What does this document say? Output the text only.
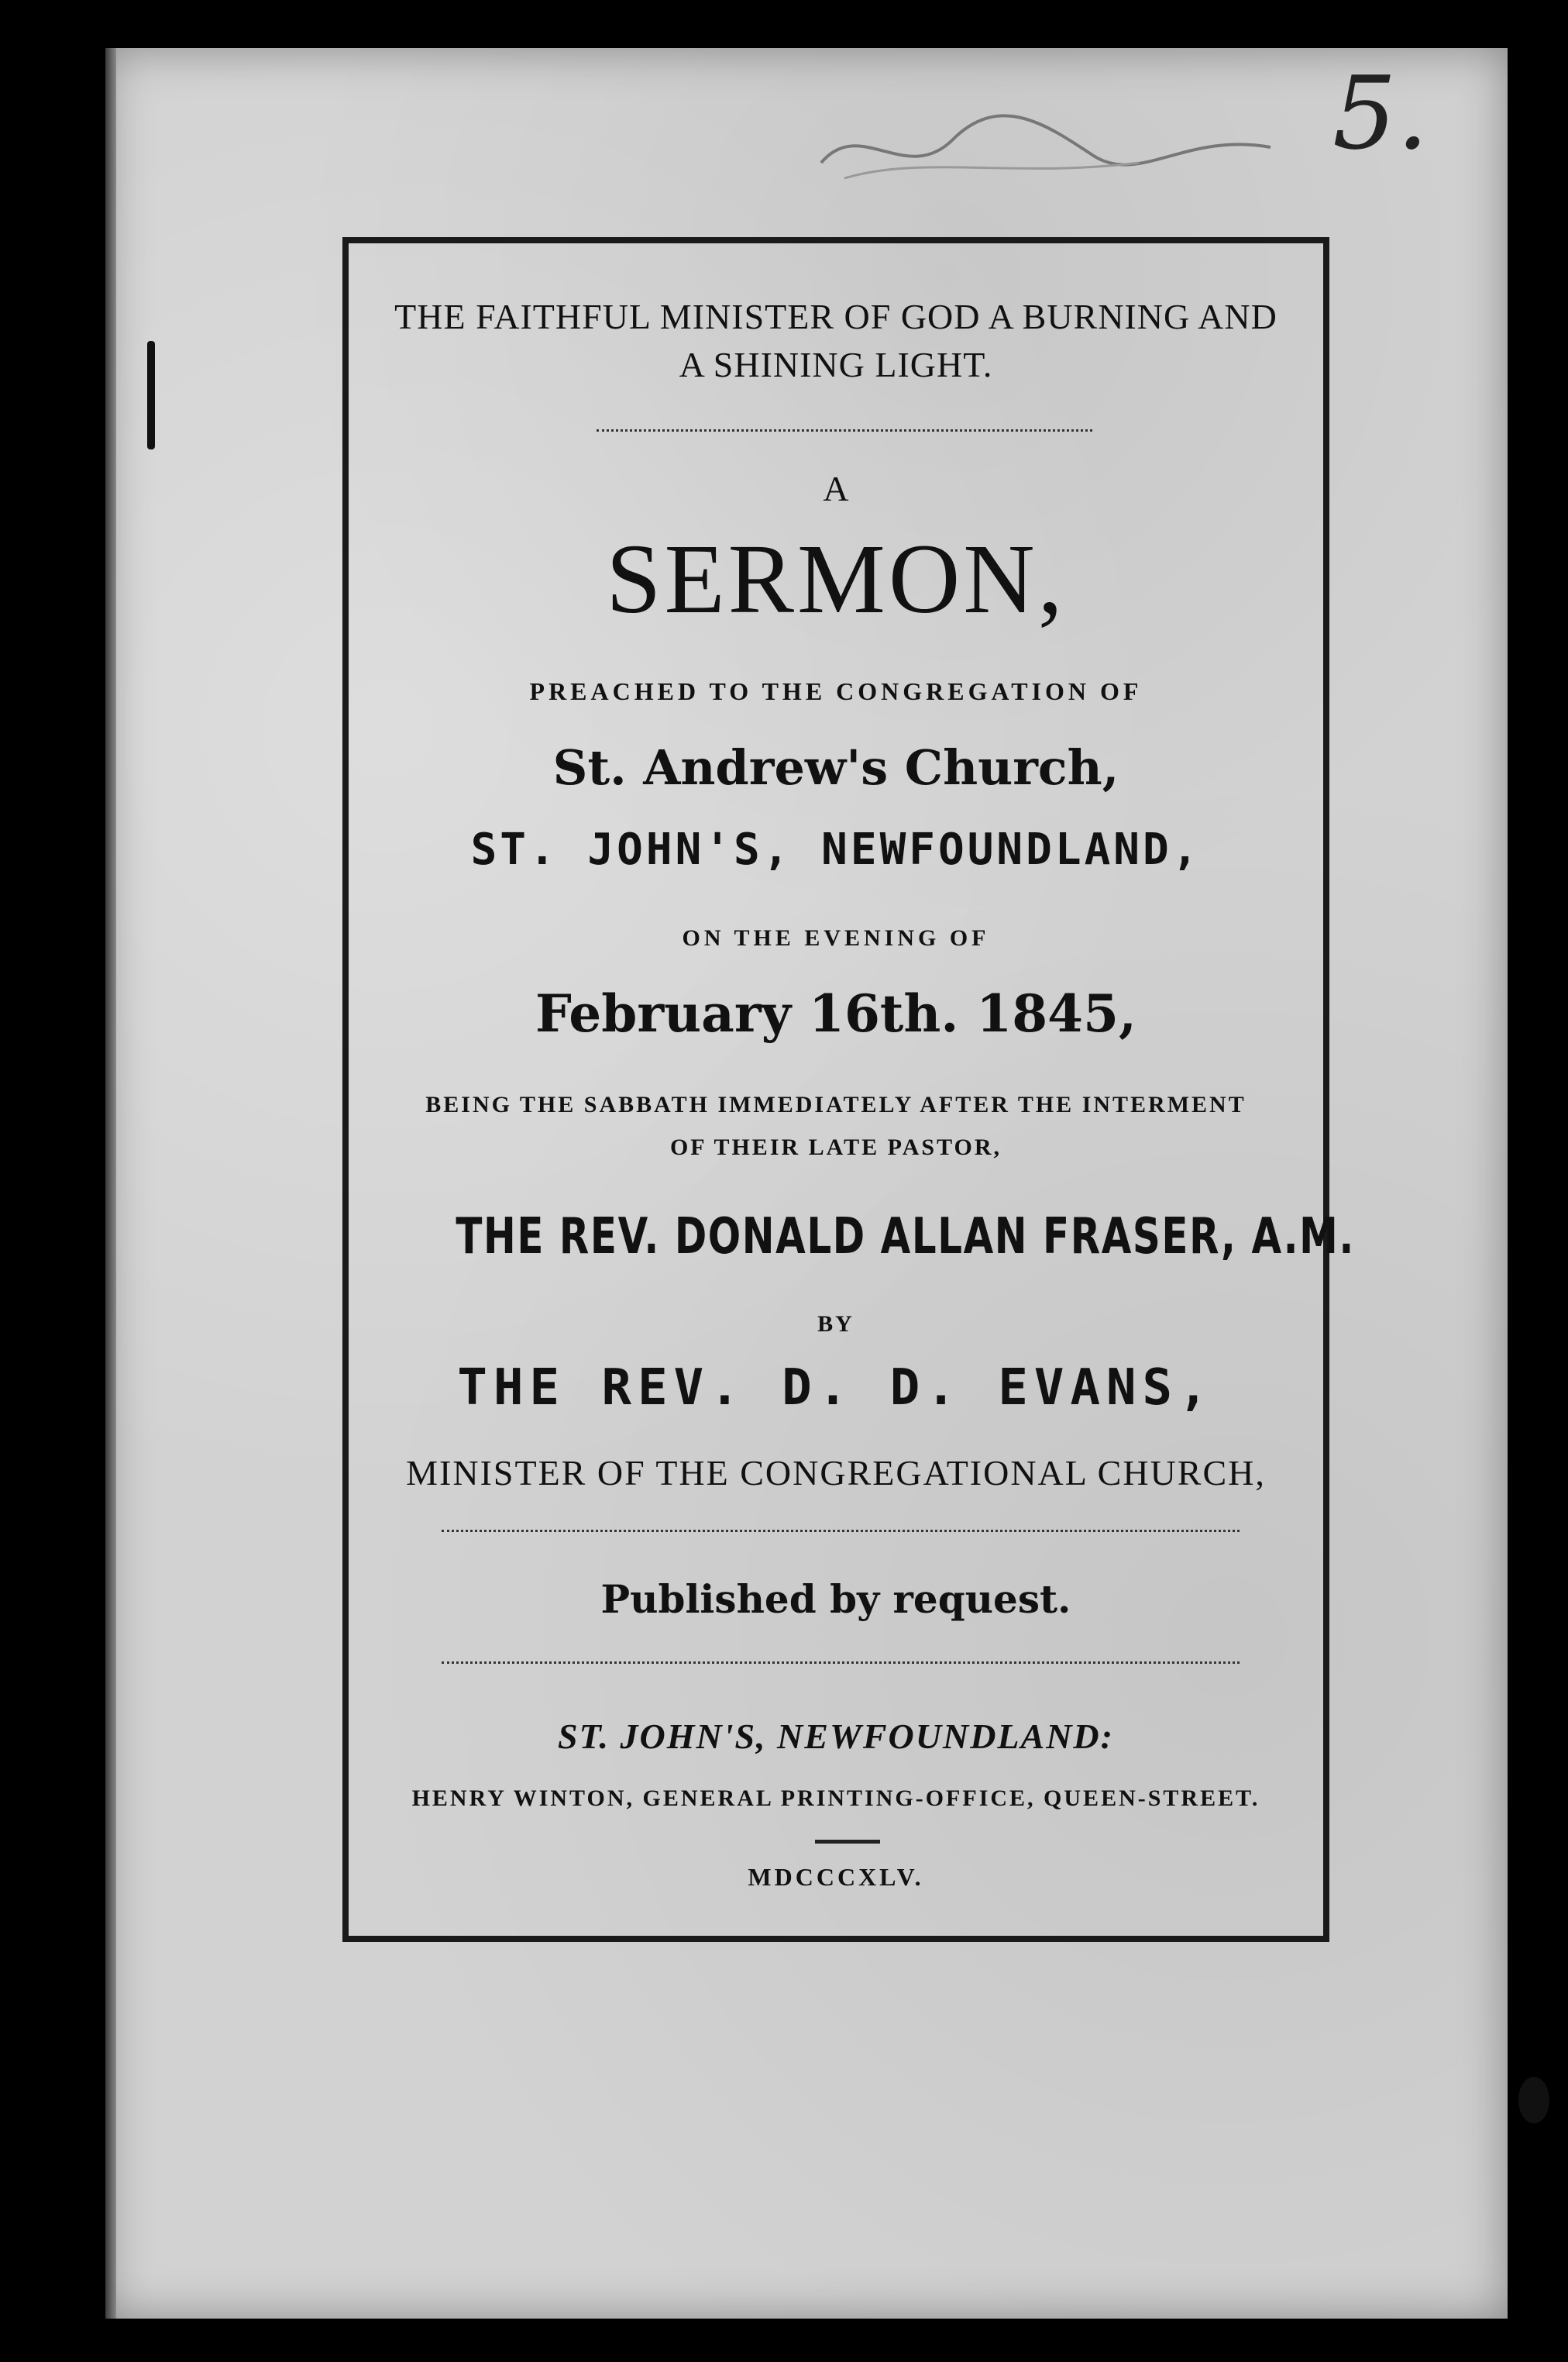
5.
THE FAITHFUL MINISTER OF GOD A BURNING AND A SHINING LIGHT.
A
SERMON,
PREACHED TO THE CONGREGATION OF
St. Andrew's Church,
ST. JOHN'S, NEWFOUNDLAND,
ON THE EVENING OF
February 16th. 1845,
BEING THE SABBATH IMMEDIATELY AFTER THE INTERMENT
OF THEIR LATE PASTOR,
THE REV. DONALD ALLAN FRASER, A.M.
BY
THE REV. D. D. EVANS,
MINISTER OF THE CONGREGATIONAL CHURCH,
Published by request.
ST. JOHN'S, NEWFOUNDLAND:
HENRY WINTON, GENERAL PRINTING-OFFICE, QUEEN-STREET.
MDCCCXLV.
